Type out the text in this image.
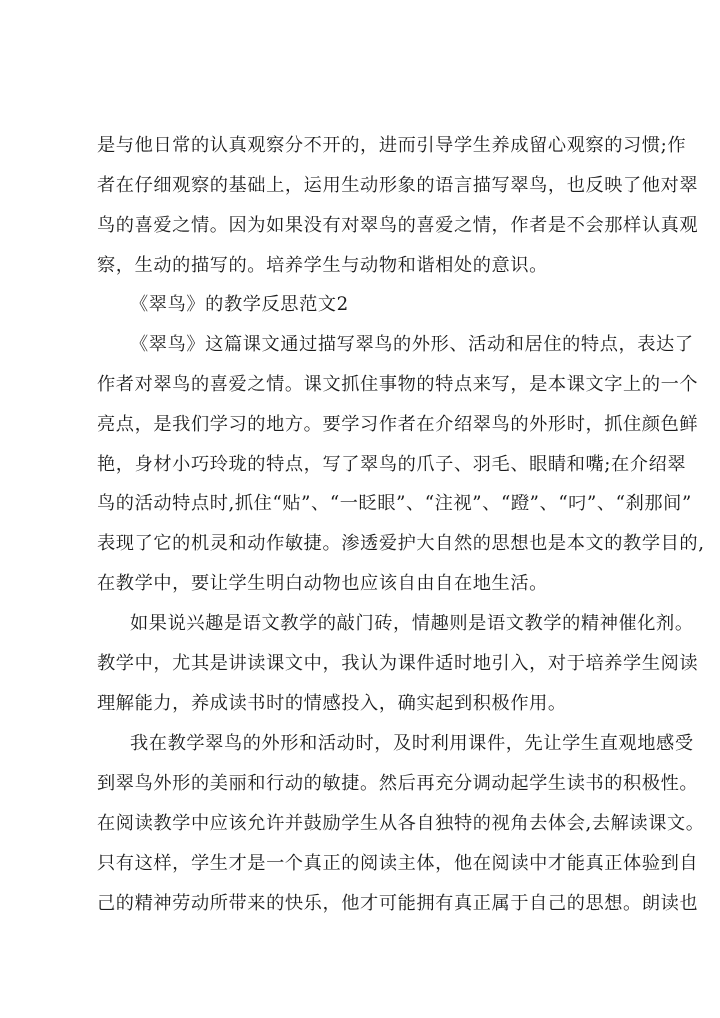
是与他日常的认真观察分不开的，进而引导学生养成留心观察的习惯;作
者在仔细观察的基础上，运用生动形象的语言描写翠鸟，也反映了他对翠
鸟的喜爱之情。因为如果没有对翠鸟的喜爱之情，作者是不会那样认真观
察，生动的描写的。培养学生与动物和谐相处的意识。
《翠鸟》的教学反思范文2
《翠鸟》这篇课文通过描写翠鸟的外形、活动和居住的特点，表达了
作者对翠鸟的喜爱之情。课文抓住事物的特点来写，是本课文字上的一个
亮点，是我们学习的地方。要学习作者在介绍翠鸟的外形时，抓住颜色鲜
艳，身材小巧玲珑的特点，写了翠鸟的爪子、羽毛、眼睛和嘴;在介绍翠
鸟的活动特点时,抓住“贴”、“一眨眼”、“注视”、“蹬”、“叼”、“刹那间”
表现了它的机灵和动作敏捷。渗透爱护大自然的思想也是本文的教学目的,
在教学中，要让学生明白动物也应该自由自在地生活。
如果说兴趣是语文教学的敲门砖，情趣则是语文教学的精神催化剂。
教学中，尤其是讲读课文中，我认为课件适时地引入，对于培养学生阅读
理解能力，养成读书时的情感投入，确实起到积极作用。
我在教学翠鸟的外形和活动时，及时利用课件，先让学生直观地感受
到翠鸟外形的美丽和行动的敏捷。然后再充分调动起学生读书的积极性。
在阅读教学中应该允许并鼓励学生从各自独特的视角去体会,去解读课文。
只有这样，学生才是一个真正的阅读主体，他在阅读中才能真正体验到自
己的精神劳动所带来的快乐，他才可能拥有真正属于自己的思想。朗读也
